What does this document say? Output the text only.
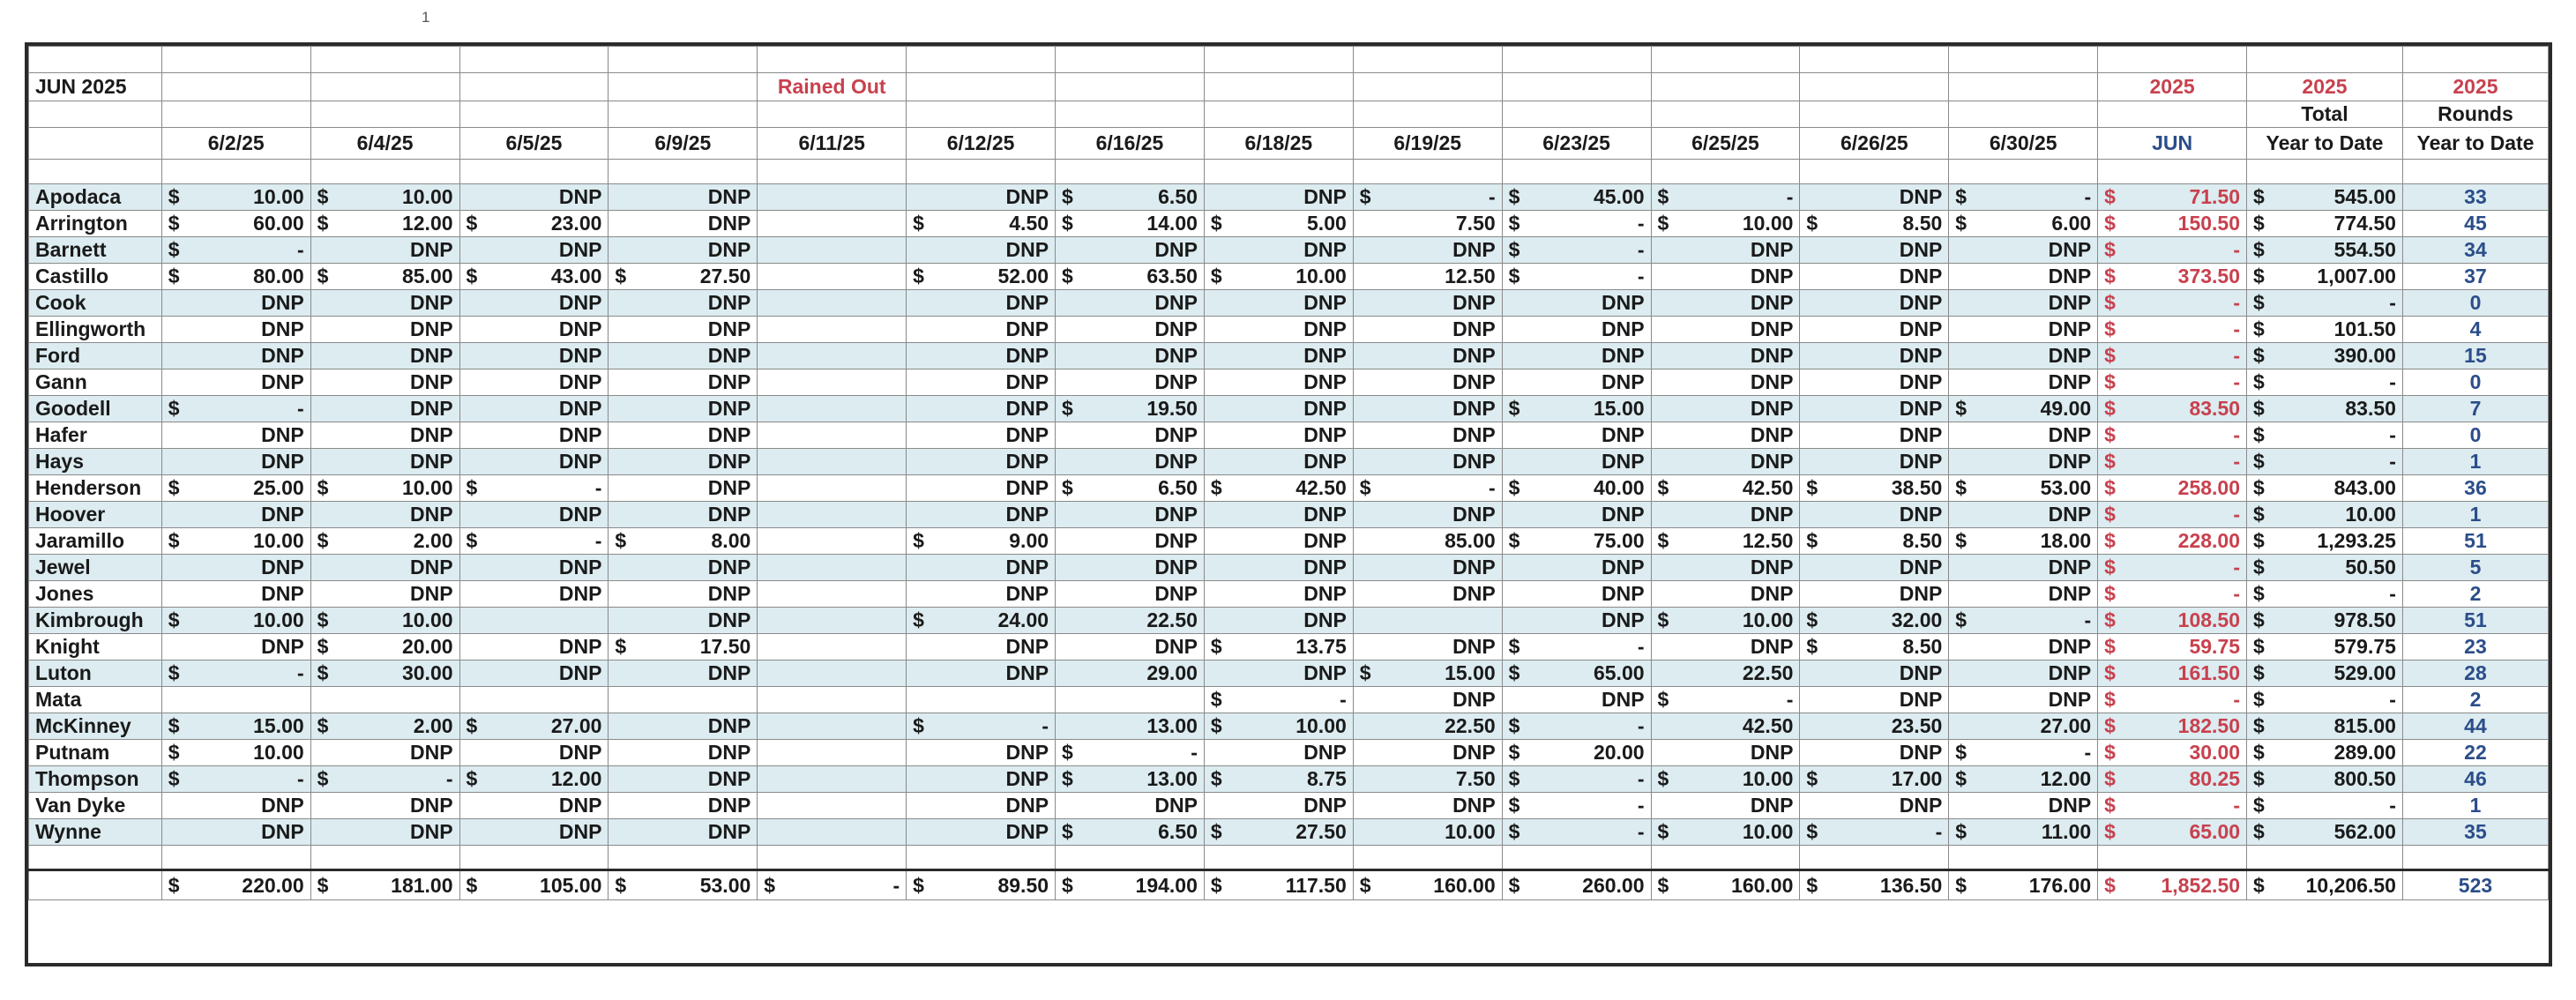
1

JUN 2025					Rained Out									2025	2025	2025
															Total	Rounds
	6/2/25	6/4/25	6/5/25	6/9/25	6/11/25	6/12/25	6/16/25	6/18/25	6/19/25	6/23/25	6/25/25	6/26/25	6/30/25	JUN	Year to Date	Year to Date

Apodaca	$ 10.00	$ 10.00	DNP	DNP		DNP	$ 6.50	DNP	$ -	$ 45.00	$ -	DNP	$ -	$ 71.50	$ 545.00	33
Arrington	$ 60.00	$ 12.00	$ 23.00	DNP		$ 4.50	$ 14.00	$ 5.00	7.50	$ -	$ 10.00	$ 8.50	$ 6.00	$ 150.50	$ 774.50	45
Barnett	$ -	DNP	DNP	DNP		DNP	DNP	DNP	DNP	$ -	DNP	DNP	DNP	$ -	$ 554.50	34
Castillo	$ 80.00	$ 85.00	$ 43.00	$ 27.50		$ 52.00	$ 63.50	$ 10.00	12.50	$ -	DNP	DNP	DNP	$ 373.50	$ 1,007.00	37
Cook	DNP	DNP	DNP	DNP		DNP	DNP	DNP	DNP	DNP	DNP	DNP	DNP	$ -	$ -	0
Ellingworth	DNP	DNP	DNP	DNP		DNP	DNP	DNP	DNP	DNP	DNP	DNP	DNP	$ -	$ 101.50	4
Ford	DNP	DNP	DNP	DNP		DNP	DNP	DNP	DNP	DNP	DNP	DNP	DNP	$ -	$ 390.00	15
Gann	DNP	DNP	DNP	DNP		DNP	DNP	DNP	DNP	DNP	DNP	DNP	DNP	$ -	$ -	0
Goodell	$ -	DNP	DNP	DNP		DNP	$ 19.50	DNP	DNP	$ 15.00	DNP	DNP	$ 49.00	$ 83.50	$ 83.50	7
Hafer	DNP	DNP	DNP	DNP		DNP	DNP	DNP	DNP	DNP	DNP	DNP	DNP	$ -	$ -	0
Hays	DNP	DNP	DNP	DNP		DNP	DNP	DNP	DNP	DNP	DNP	DNP	DNP	$ -	$ -	1
Henderson	$ 25.00	$ 10.00	$ -	DNP		DNP	$ 6.50	$ 42.50	$ -	$ 40.00	$ 42.50	$ 38.50	$ 53.00	$ 258.00	$ 843.00	36
Hoover	DNP	DNP	DNP	DNP		DNP	DNP	DNP	DNP	DNP	DNP	DNP	DNP	$ -	$ 10.00	1
Jaramillo	$ 10.00	$ 2.00	$ -	$ 8.00		$ 9.00	DNP	DNP	85.00	$ 75.00	$ 12.50	$ 8.50	$ 18.00	$ 228.00	$ 1,293.25	51
Jewel	DNP	DNP	DNP	DNP		DNP	DNP	DNP	DNP	DNP	DNP	DNP	DNP	$ -	$ 50.50	5
Jones	DNP	DNP	DNP	DNP		DNP	DNP	DNP	DNP	DNP	DNP	DNP	DNP	$ -	$ -	2
Kimbrough	$ 10.00	$ 10.00		DNP		$ 24.00	22.50	DNP		DNP	$ 10.00	$ 32.00	$ -	$ 108.50	$ 978.50	51
Knight	DNP	$ 20.00	DNP	$ 17.50		DNP	DNP	$ 13.75	DNP	$ -	DNP	$ 8.50	DNP	$ 59.75	$ 579.75	23
Luton	$ -	$ 30.00	DNP	DNP		DNP	29.00	DNP	$ 15.00	$ 65.00	22.50	DNP	DNP	$ 161.50	$ 529.00	28
Mata								$ -	DNP	DNP	$ -	DNP	DNP	$ -	$ -	2
McKinney	$ 15.00	$ 2.00	$ 27.00	DNP		$ -	13.00	$ 10.00	22.50	$ -	42.50	23.50	27.00	$ 182.50	$ 815.00	44
Putnam	$ 10.00	DNP	DNP	DNP		DNP	$ -	DNP	DNP	$ 20.00	DNP	DNP	$ -	$ 30.00	$ 289.00	22
Thompson	$ -	$ -	$ 12.00	DNP		DNP	$ 13.00	$ 8.75	7.50	$ -	$ 10.00	$ 17.00	$ 12.00	$ 80.25	$ 800.50	46
Van Dyke	DNP	DNP	DNP	DNP		DNP	DNP	DNP	DNP	$ -	DNP	DNP	DNP	$ -	$ -	1
Wynne	DNP	DNP	DNP	DNP		DNP	$ 6.50	$ 27.50	10.00	$ -	$ 10.00	$ -	$ 11.00	$ 65.00	$ 562.00	35

	$ 220.00	$ 181.00	$ 105.00	$ 53.00	$ -	$ 89.50	$ 194.00	$ 117.50	$ 160.00	$ 260.00	$ 160.00	$ 136.50	$ 176.00	$ 1,852.50	$ 10,206.50	523
